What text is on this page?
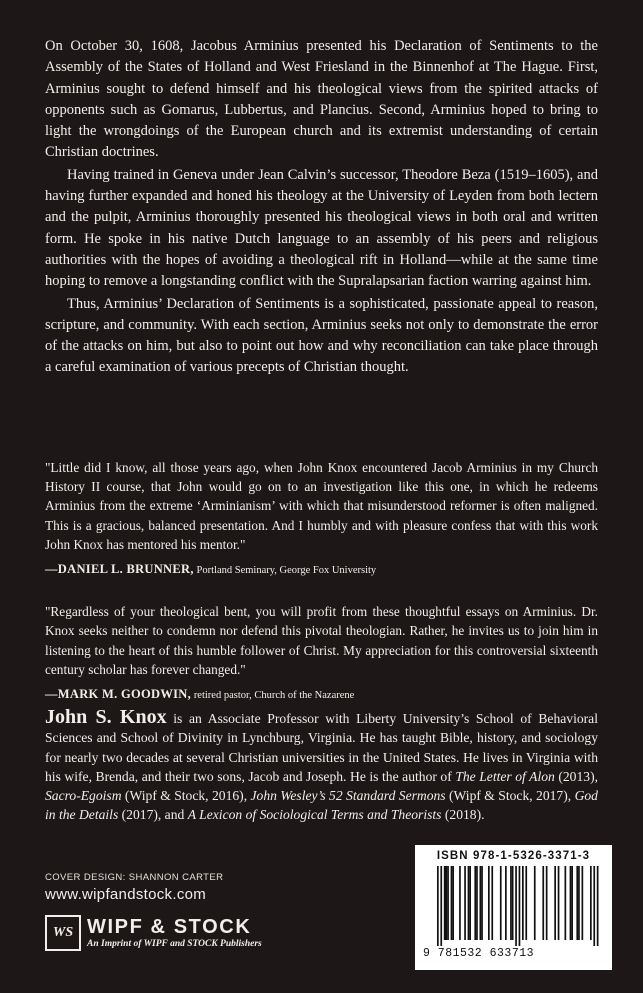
On October 30, 1608, Jacobus Arminius presented his Declaration of Sentiments to the Assembly of the States of Holland and West Friesland in the Binnenhof at The Hague. First, Arminius sought to defend himself and his theological views from the spirited attacks of opponents such as Gomarus, Lubbertus, and Plancius. Second, Arminius hoped to bring to light the wrongdoings of the European church and its extremist understanding of certain Christian doctrines.

Having trained in Geneva under Jean Calvin’s successor, Theodore Beza (1519–1605), and having further expanded and honed his theology at the University of Leyden from both lectern and the pulpit, Arminius thoroughly presented his theological views in both oral and written form. He spoke in his native Dutch language to an assembly of his peers and religious authorities with the hopes of avoiding a theological rift in Holland—while at the same time hoping to remove a longstanding conflict with the Supralapsarian faction warring against him.

Thus, Arminius’ Declaration of Sentiments is a sophisticated, passionate appeal to reason, scripture, and community. With each section, Arminius seeks not only to demonstrate the error of the attacks on him, but also to point out how and why reconciliation can take place through a careful examination of various precepts of Christian thought.

"Little did I know, all those years ago, when John Knox encountered Jacob Arminius in my Church History II course, that John would go on to an investigation like this one, in which he redeems Arminius from the extreme ‘Arminianism’ with which that misunderstood reformer is often maligned. This is a gracious, balanced presentation. And I humbly and with pleasure confess that with this work John Knox has mentored his mentor."

—DANIEL L. BRUNNER, Portland Seminary, George Fox University

"Regardless of your theological bent, you will profit from these thoughtful essays on Arminius. Dr. Knox seeks neither to condemn nor defend this pivotal theologian. Rather, he invites us to join him in listening to the heart of this humble follower of Christ. My appreciation for this controversial sixteenth century scholar has forever changed."

—MARK M. GOODWIN, retired pastor, Church of the Nazarene

John S. Knox is an Associate Professor with Liberty University’s School of Behavioral Sciences and School of Divinity in Lynchburg, Virginia. He has taught Bible, history, and sociology for nearly two decades at several Christian universities in the United States. He lives in Virginia with his wife, Brenda, and their two sons, Jacob and Joseph. He is the author of The Letter of Alon (2013), Sacro-Egoism (Wipf & Stock, 2016), John Wesley’s 52 Standard Sermons (Wipf & Stock, 2017), God in the Details (2017), and A Lexicon of Sociological Terms and Theorists (2018).
COVER DESIGN: SHANNON CARTER
www.wipfandstock.com
WS WIPF & STOCK
An Imprint of WIPF and STOCK Publishers
ISBN 978-1-5326-3371-3
9 781532 633713
